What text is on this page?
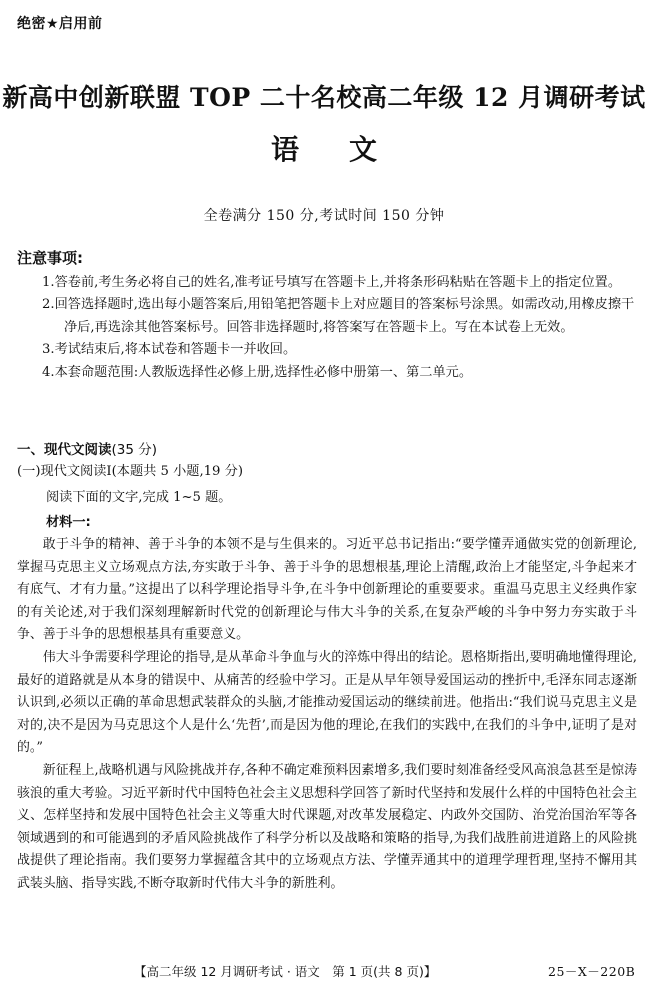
绝密★启用前
新高中创新联盟 TOP 二十名校高二年级 12 月调研考试
语文
全卷满分 150 分,考试时间 150 分钟
注意事项:
1.答卷前,考生务必将自己的姓名,准考证号填写在答题卡上,并将条形码粘贴在答题卡上的指定位置。
2.回答选择题时,选出每小题答案后,用铅笔把答题卡上对应题目的答案标号涂黑。如需改动,用橡皮擦干净后,再选涂其他答案标号。回答非选择题时,将答案写在答题卡上。写在本试卷上无效。
3.考试结束后,将本试卷和答题卡一并收回。
4.本套命题范围:人教版选择性必修上册,选择性必修中册第一、第二单元。
一、现代文阅读(35 分)
(一)现代文阅读Ⅰ(本题共 5 小题,19 分)
阅读下面的文字,完成 1~5 题。
材料一:

敢于斗争的精神、善于斗争的本领不是与生俱来的。习近平总书记指出:“要学懂弄通做实党的创新理论,掌握马克思主义立场观点方法,夯实敢于斗争、善于斗争的思想根基,理论上清醒,政治上才能坚定,斗争起来才有底气、才有力量。”这提出了以科学理论指导斗争,在斗争中创新理论的重要要求。重温马克思主义经典作家的有关论述,对于我们深刻理解新时代党的创新理论与伟大斗争的关系,在复杂严峻的斗争中努力夯实敢于斗争、善于斗争的思想根基具有重要意义。

伟大斗争需要科学理论的指导,是从革命斗争血与火的淬炼中得出的结论。恩格斯指出,要明确地懂得理论,最好的道路就是从本身的错误中、从痛苦的经验中学习。正是从早年领导爱国运动的挫折中,毛泽东同志逐渐认识到,必须以正确的革命思想武装群众的头脑,才能推动爱国运动的继续前进。他指出:“我们说马克思主义是对的,决不是因为马克思这个人是什么‘先哲’,而是因为他的理论,在我们的实践中,在我们的斗争中,证明了是对的。”

新征程上,战略机遇与风险挑战并存,各种不确定难预料因素增多,我们要时刻准备经受风高浪急甚至是惊涛骇浪的重大考验。习近平新时代中国特色社会主义思想科学回答了新时代坚持和发展什么样的中国特色社会主义、怎样坚持和发展中国特色社会主义等重大时代课题,对改革发展稳定、内政外交国防、治党治国治军等各领域遇到的和可能遇到的矛盾风险挑战作了科学分析以及战略和策略的指导,为我们战胜前进道路上的风险挑战提供了理论指南。我们要努力掌握蕴含其中的立场观点方法、学懂弄通其中的道理学理哲理,坚持不懈用其武装头脑、指导实践,不断夺取新时代伟大斗争的新胜利。

【高二年级 12 月调研考试 · 语文　第 1 页(共 8 页)】	25－X－220B
